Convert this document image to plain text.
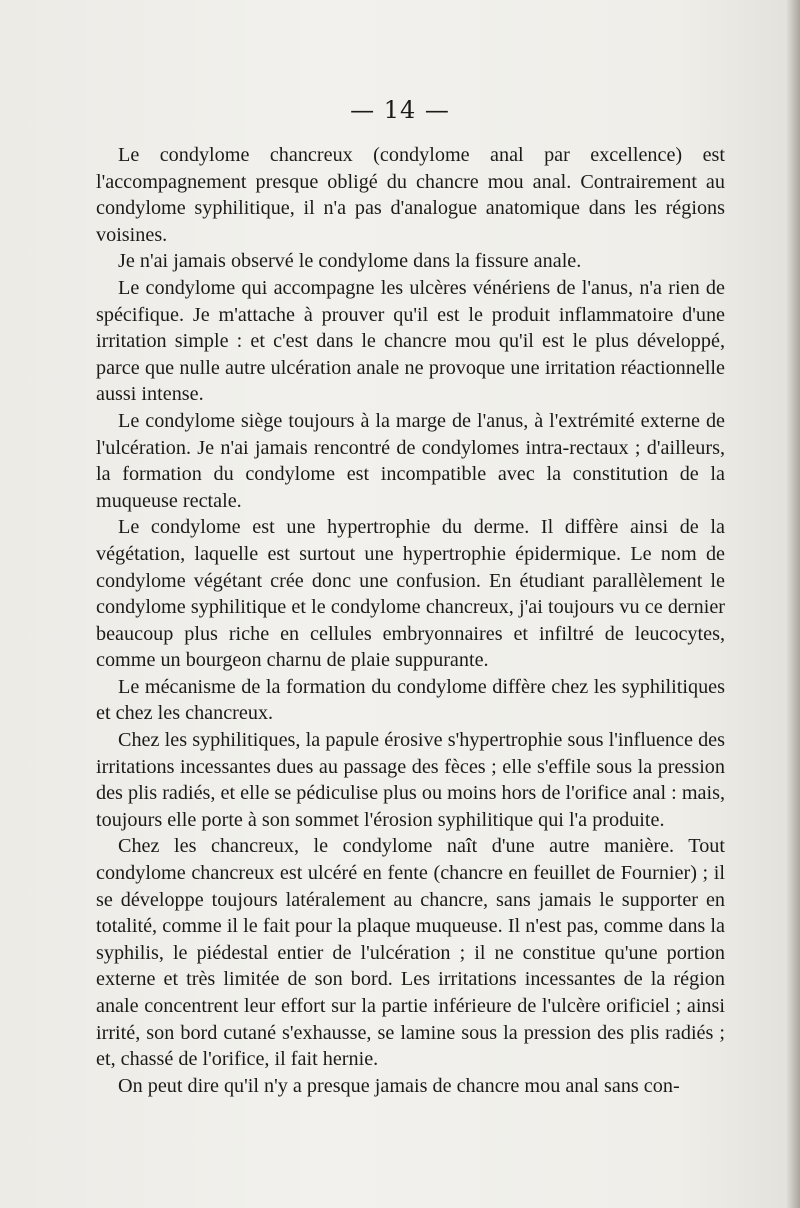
— 14 —

Le condylome chancreux (condylome anal par excellence) est l'accompagnement presque obligé du chancre mou anal. Contrairement au condylome syphilitique, il n'a pas d'analogue anatomique dans les régions voisines.

Je n'ai jamais observé le condylome dans la fissure anale.

Le condylome qui accompagne les ulcères vénériens de l'anus, n'a rien de spécifique. Je m'attache à prouver qu'il est le produit inflammatoire d'une irritation simple : et c'est dans le chancre mou qu'il est le plus développé, parce que nulle autre ulcération anale ne provoque une irritation réactionnelle aussi intense.

Le condylome siège toujours à la marge de l'anus, à l'extrémité externe de l'ulcération. Je n'ai jamais rencontré de condylomes intra-rectaux ; d'ailleurs, la formation du condylome est incompatible avec la constitution de la muqueuse rectale.

Le condylome est une hypertrophie du derme. Il diffère ainsi de la végétation, laquelle est surtout une hypertrophie épidermique. Le nom de condylome végétant crée donc une confusion. En étudiant parallèlement le condylome syphilitique et le condylome chancreux, j'ai toujours vu ce dernier beaucoup plus riche en cellules embryonnaires et infiltré de leucocytes, comme un bourgeon charnu de plaie suppurante.

Le mécanisme de la formation du condylome diffère chez les syphilitiques et chez les chancreux.

Chez les syphilitiques, la papule érosive s'hypertrophie sous l'influence des irritations incessantes dues au passage des fèces ; elle s'effile sous la pression des plis radiés, et elle se pédiculise plus ou moins hors de l'orifice anal : mais, toujours elle porte à son sommet l'érosion syphilitique qui l'a produite.

Chez les chancreux, le condylome naît d'une autre manière. Tout condylome chancreux est ulcéré en fente (chancre en feuillet de Fournier) ; il se développe toujours latéralement au chancre, sans jamais le supporter en totalité, comme il le fait pour la plaque muqueuse. Il n'est pas, comme dans la syphilis, le piédestal entier de l'ulcération ; il ne constitue qu'une portion externe et très limitée de son bord. Les irritations incessantes de la région anale concentrent leur effort sur la partie inférieure de l'ulcère orificiel ; ainsi irrité, son bord cutané s'exhausse, se lamine sous la pression des plis radiés ; et, chassé de l'orifice, il fait hernie.

On peut dire qu'il n'y a presque jamais de chancre mou anal sans con-
